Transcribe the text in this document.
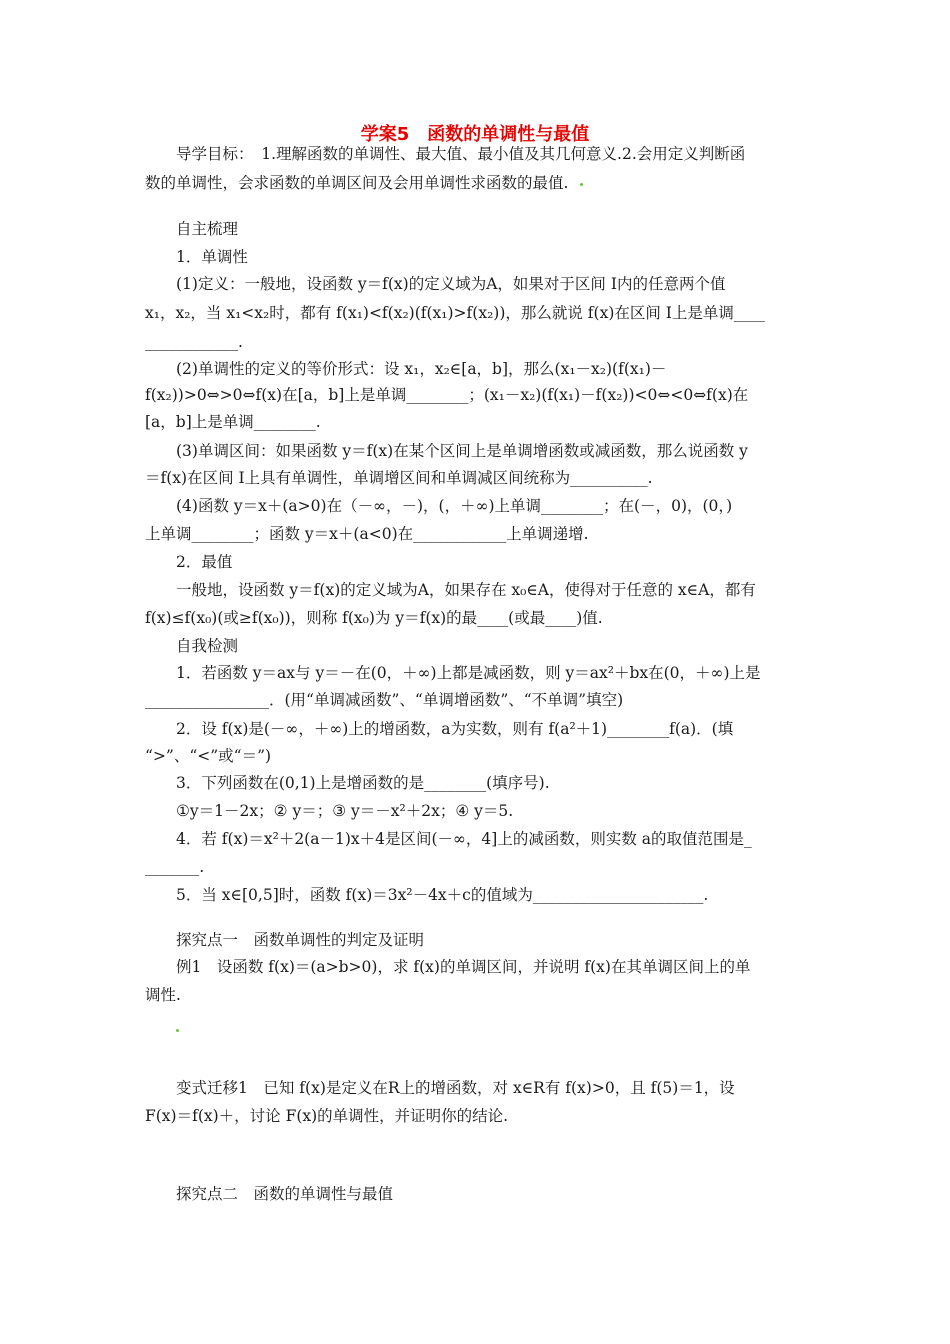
学案5　函数的单调性与最值
导学目标：　1.理解函数的单调性、最大值、最小值及其几何意义.2.会用定义判断函
数的单调性，会求函数的单调区间及会用单调性求函数的最值.
自主梳理
1．单调性
(1)定义：一般地，设函数 y＝f(x)的定义域为A，如果对于区间 I内的任意两个值
x₁，x₂，当 x₁<x₂时，都有 f(x₁)<f(x₂)(f(x₁)>f(x₂))，那么就说 f(x)在区间 I上是单调____
____________.
(2)单调性的定义的等价形式：设 x₁，x₂∈[a，b]，那么(x₁－x₂)(f(x₁)－
f(x₂))>0⇔>0⇔f(x)在[a，b]上是单调________；(x₁－x₂)(f(x₁)－f(x₂))<0⇔<0⇔f(x)在
[a，b]上是单调________.
(3)单调区间：如果函数 y＝f(x)在某个区间上是单调增函数或减函数，那么说函数 y
＝f(x)在区间 I上具有单调性，单调增区间和单调减区间统称为__________.
(4)函数 y＝x＋(a>0)在（－∞，－)，(，＋∞)上单调________；在(－，0)，(0，)
上单调________；函数 y＝x＋(a<0)在____________上单调递增.
2．最值
一般地，设函数 y＝f(x)的定义域为A，如果存在 x₀∈A，使得对于任意的 x∈A，都有
f(x)≤f(x₀)(或≥f(x₀))，则称 f(x₀)为 y＝f(x)的最____(或最____)值.
自我检测
1．若函数 y＝ax与 y＝－在(0，＋∞)上都是减函数，则 y＝ax²＋bx在(0，＋∞)上是
________________．(用“单调减函数”、“单调增函数”、“不单调”填空)
2．设 f(x)是(－∞，＋∞)上的增函数，a为实数，则有 f(a²＋1)________f(a)．(填
“>”、“<”或“＝”)
3．下列函数在(0,1)上是增函数的是________(填序号).
①y＝1－2x；② y＝；③ y＝－x²＋2x；④ y＝5.
4．若 f(x)＝x²＋2(a－1)x＋4是区间(－∞，4]上的减函数，则实数 a的取值范围是_
_______.
5．当 x∈[0,5]时，函数 f(x)＝3x²－4x＋c的值域为______________________.
探究点一　函数单调性的判定及证明
例1　设函数 f(x)＝(a>b>0)，求 f(x)的单调区间，并说明 f(x)在其单调区间上的单
调性.
变式迁移1　已知 f(x)是定义在R上的增函数，对 x∈R有 f(x)>0，且 f(5)＝1，设
F(x)＝f(x)＋，讨论 F(x)的单调性，并证明你的结论.
探究点二　函数的单调性与最值
